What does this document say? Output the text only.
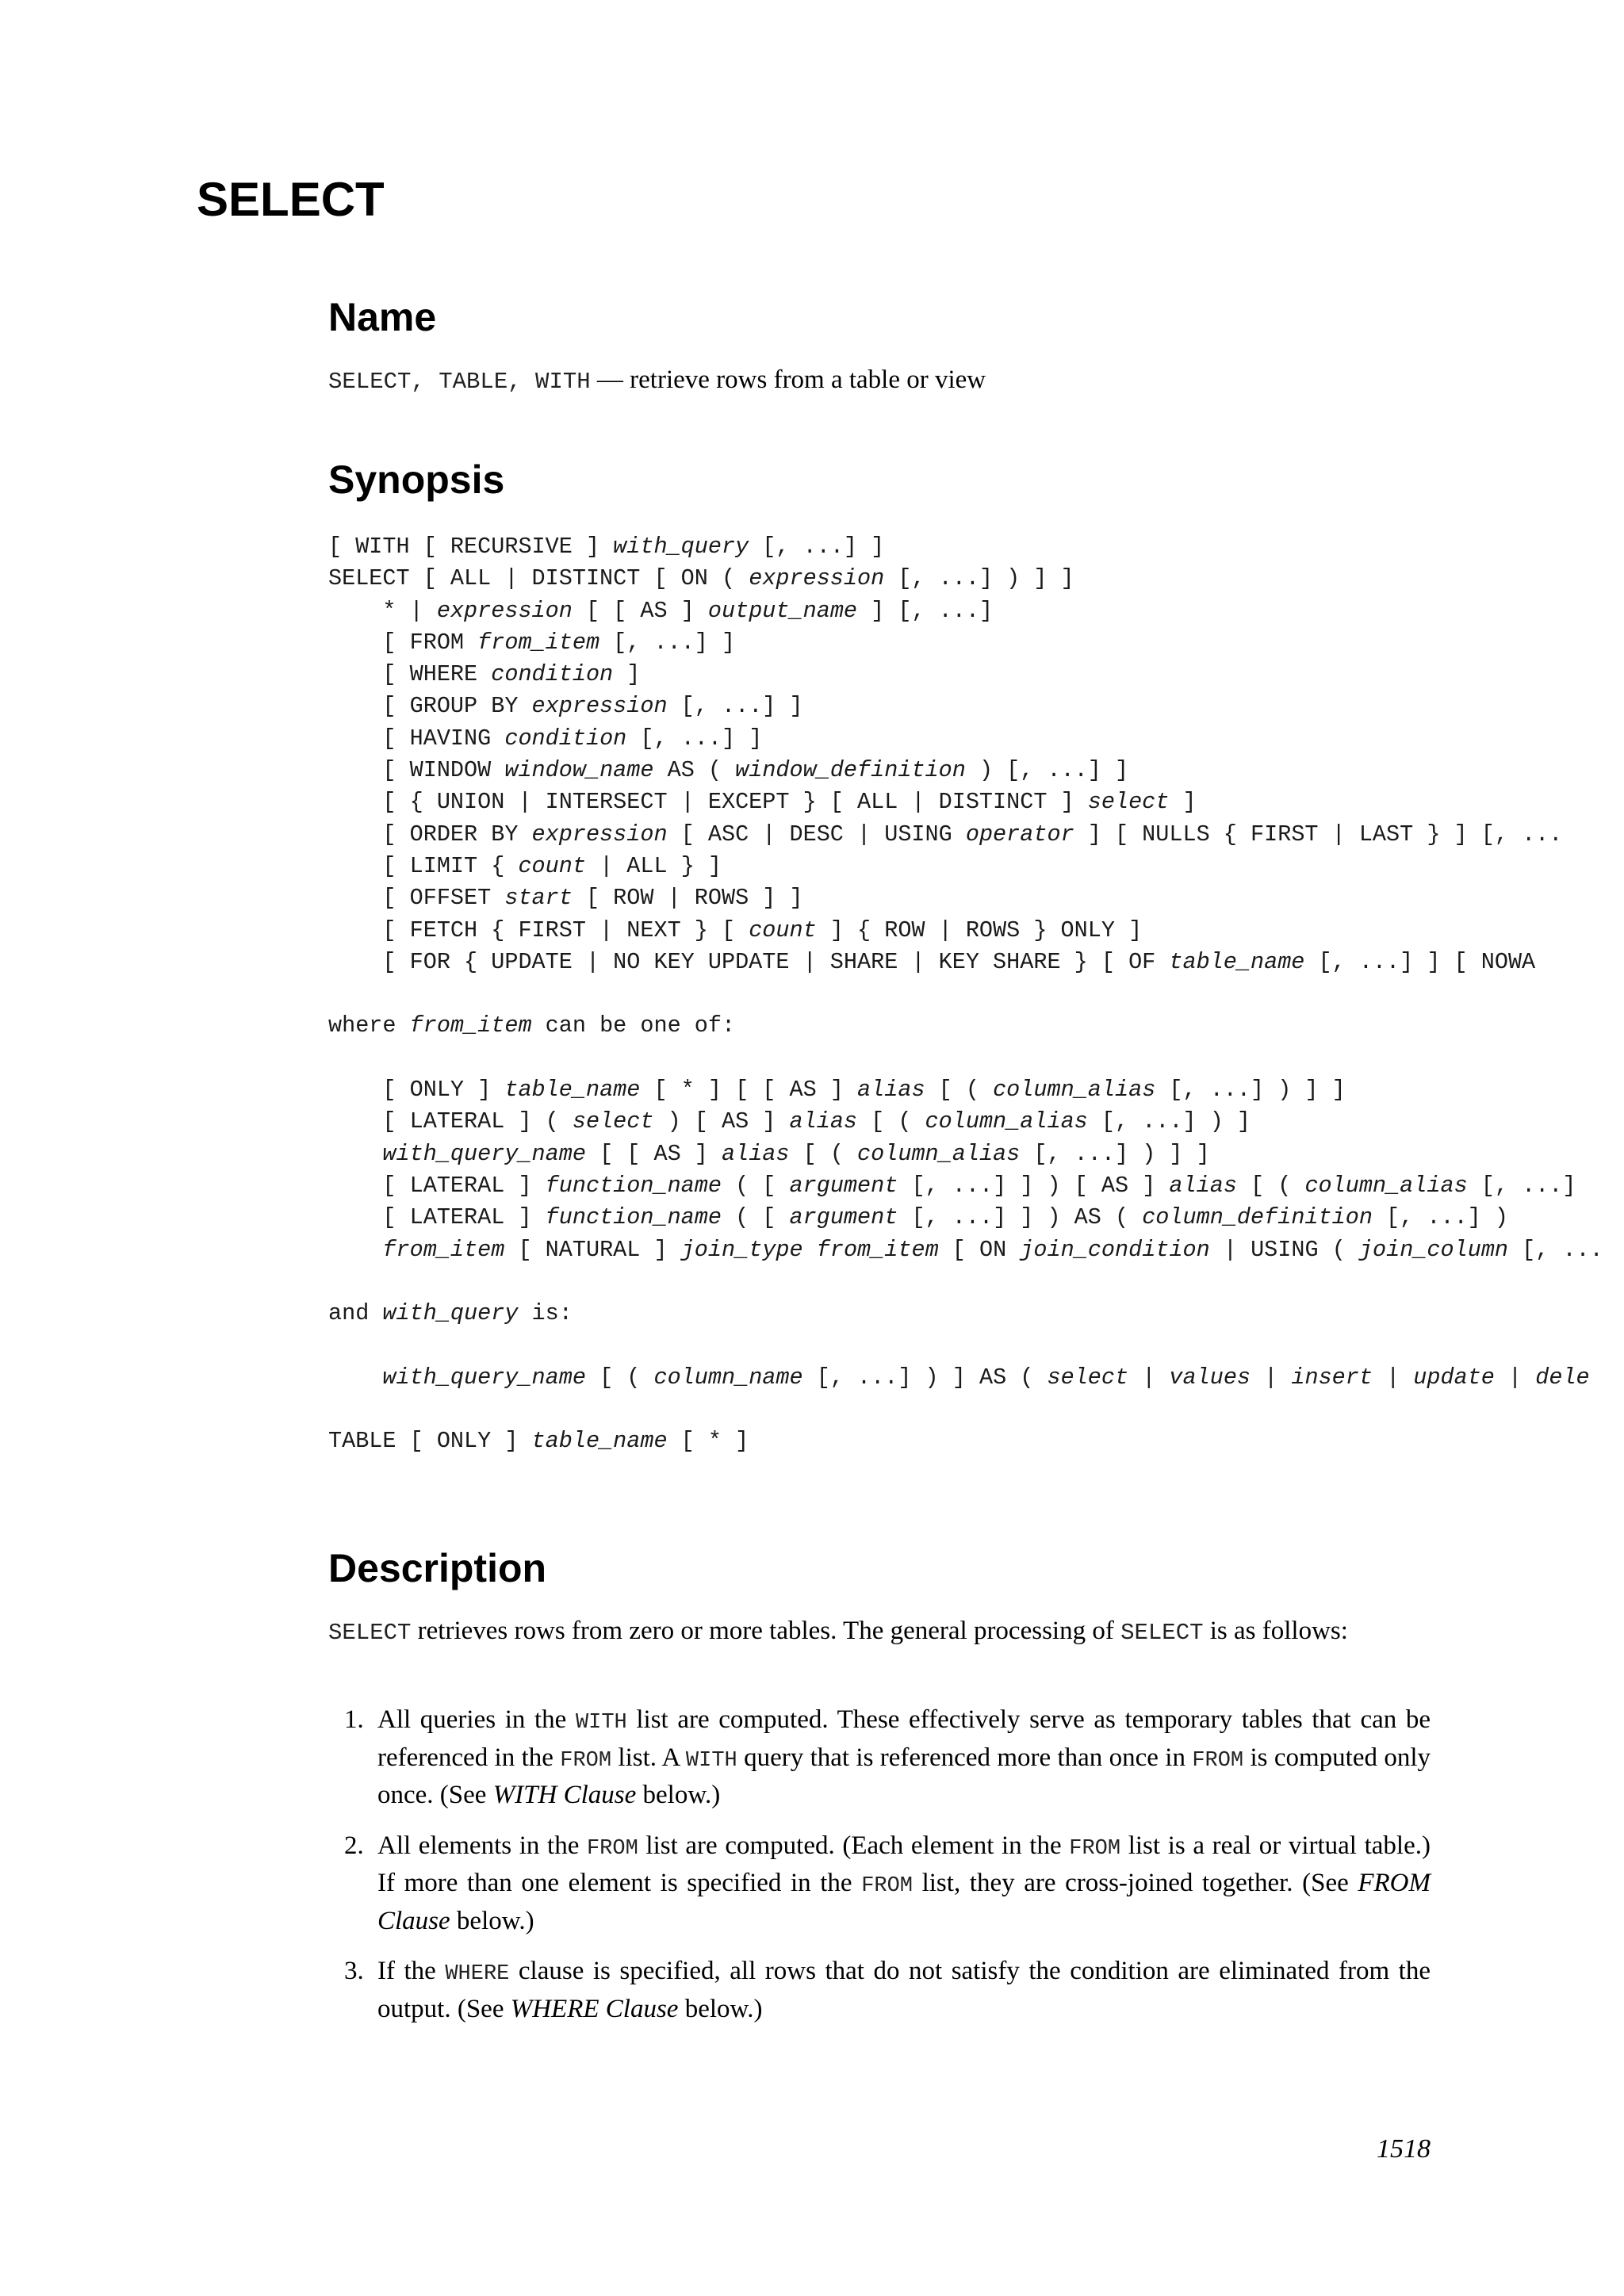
SELECT
Name

SELECT, TABLE, WITH — retrieve rows from a table or view

Synopsis
[ WITH [ RECURSIVE ] with_query [, ...] ]
SELECT [ ALL | DISTINCT [ ON ( expression [, ...] ) ] ]
* | expression [ [ AS ] output_name ] [, ...]
[ FROM from_item [, ...] ]
[ WHERE condition ]
[ GROUP BY expression [, ...] ]
[ HAVING condition [, ...] ]
[ WINDOW window_name AS ( window_definition ) [, ...] ]
[ { UNION | INTERSECT | EXCEPT } [ ALL | DISTINCT ] select ]
[ ORDER BY expression [ ASC | DESC | USING operator ] [ NULLS { FIRST | LAST } ] [, ...
[ LIMIT { count | ALL } ]
[ OFFSET start [ ROW | ROWS ] ]
[ FETCH { FIRST | NEXT } [ count ] { ROW | ROWS } ONLY ]
[ FOR { UPDATE | NO KEY UPDATE | SHARE | KEY SHARE } [ OF table_name [, ...] ] [ NOWA

where from_item can be one of:

[ ONLY ] table_name [ * ] [ [ AS ] alias [ ( column_alias [, ...] ) ] ]
[ LATERAL ] ( select ) [ AS ] alias [ ( column_alias [, ...] ) ]
with_query_name [ [ AS ] alias [ ( column_alias [, ...] ) ] ]
[ LATERAL ] function_name ( [ argument [, ...] ] ) [ AS ] alias [ ( column_alias [, ...]
[ LATERAL ] function_name ( [ argument [, ...] ] ) AS ( column_definition [, ...] )
from_item [ NATURAL ] join_type from_item [ ON join_condition | USING ( join_column [, ...

and with_query is:

with_query_name [ ( column_name [, ...] ) ] AS ( select | values | insert | update | dele

TABLE [ ONLY ] table_name [ * ]

Description

SELECT retrieves rows from zero or more tables. The general processing of SELECT is as follows:

1. All queries in the WITH list are computed. These effectively serve as temporary tables that can be referenced in the FROM list. A WITH query that is referenced more than once in FROM is computed only once. (See WITH Clause below.)
2. All elements in the FROM list are computed. (Each element in the FROM list is a real or virtual table.) If more than one element is specified in the FROM list, they are cross-joined together. (See FROM Clause below.)
3. If the WHERE clause is specified, all rows that do not satisfy the condition are eliminated from the output. (See WHERE Clause below.)
1518
